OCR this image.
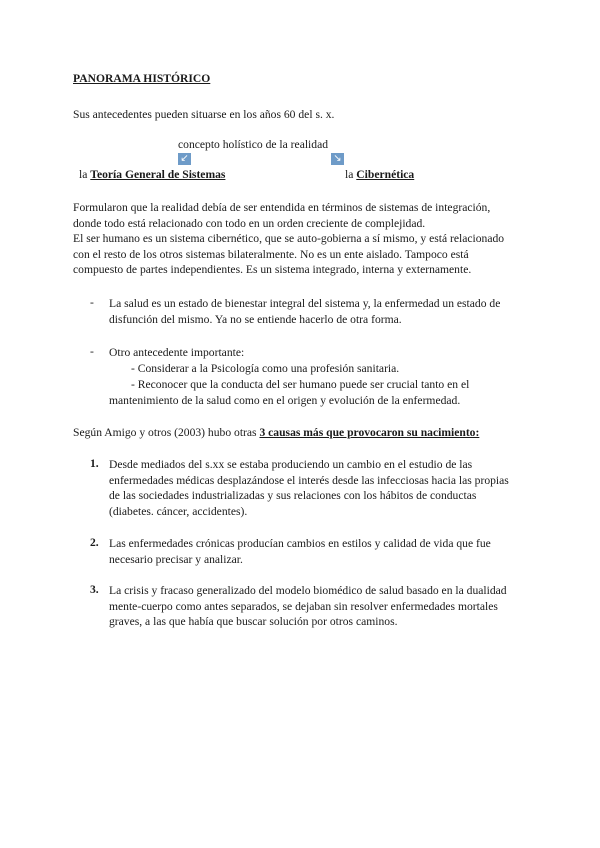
PANORAMA HISTÓRICO
Sus antecedentes pueden situarse en los años 60 del s. x.
concepto holístico de la realidad
↙	↘
la Teoría General de Sistemas	la Cibernética
Formularon que la realidad debía de ser entendida en términos de sistemas de integración,
donde todo está relacionado con todo en un orden creciente de complejidad.
El ser humano es un sistema cibernético, que se auto-gobierna a sí mismo, y está relacionado
con el resto de los otros sistemas bilateralmente. No es un ente aislado. Tampoco está
compuesto de partes independientes. Es un sistema integrado, interna y externamente.
- La salud es un estado de bienestar integral del sistema y, la enfermedad un estado de
disfunción del mismo. Ya no se entiende hacerlo de otra forma.
- Otro antecedente importante:
- Considerar a la Psicología como una profesión sanitaria.
- Reconocer que la conducta del ser humano puede ser crucial tanto en el
mantenimiento de la salud como en el origen y evolución de la enfermedad.
Según Amigo y otros (2003) hubo otras 3 causas más que provocaron su nacimiento:
1. Desde mediados del s.xx se estaba produciendo un cambio en el estudio de las
enfermedades médicas desplazándose el interés desde las infecciosas hacia las propias
de las sociedades industrializadas y sus relaciones con los hábitos de conductas
(diabetes. cáncer, accidentes).
2. Las enfermedades crónicas producían cambios en estilos y calidad de vida que fue
necesario precisar y analizar.
3. La crisis y fracaso generalizado del modelo biomédico de salud basado en la dualidad
mente-cuerpo como antes separados, se dejaban sin resolver enfermedades mortales
graves, a las que había que buscar solución por otros caminos.
